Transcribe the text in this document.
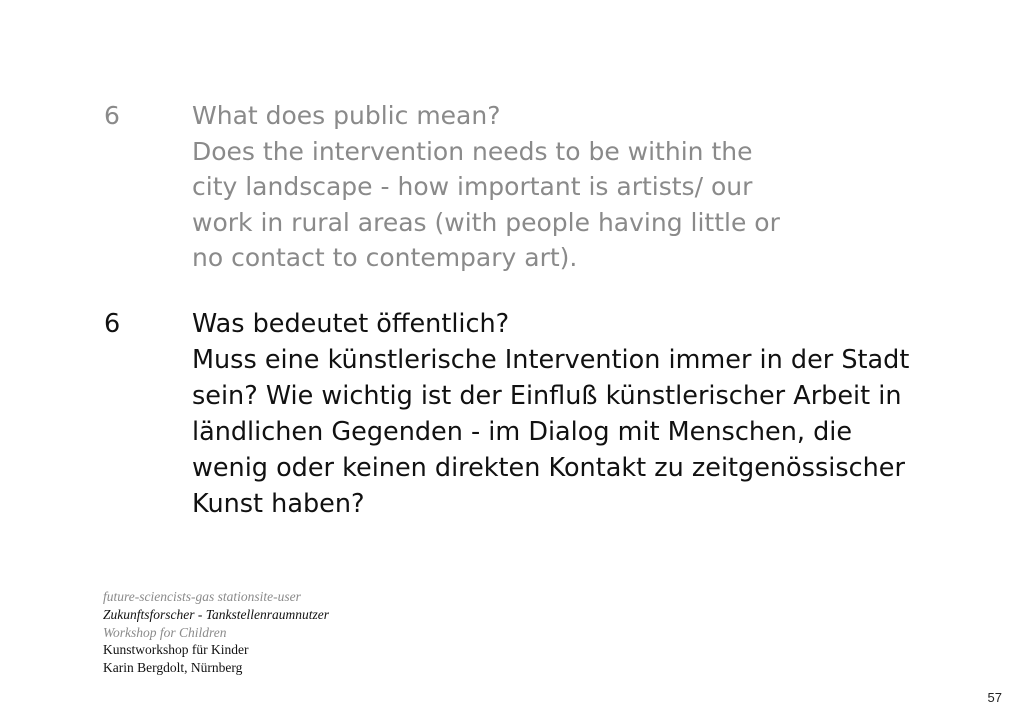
6	What does public mean?
Does the intervention needs to be within the
city landscape - how important is artists/ our
work in rural areas (with people having little or
no contact to contempary art).
6	Was bedeutet öffentlich?
Muss eine künstlerische Intervention immer in der Stadt
sein? Wie wichtig ist der Einfluß künstlerischer Arbeit in
ländlichen Gegenden - im Dialog mit Menschen, die
wenig oder keinen direkten Kontakt zu zeitgenössischer
Kunst haben?
future-sciencists-gas stationsite-user
Zukunftsforscher - Tankstellenraumnutzer
Workshop for Children
Kunstworkshop für Kinder
Karin Bergdolt, Nürnberg
57
